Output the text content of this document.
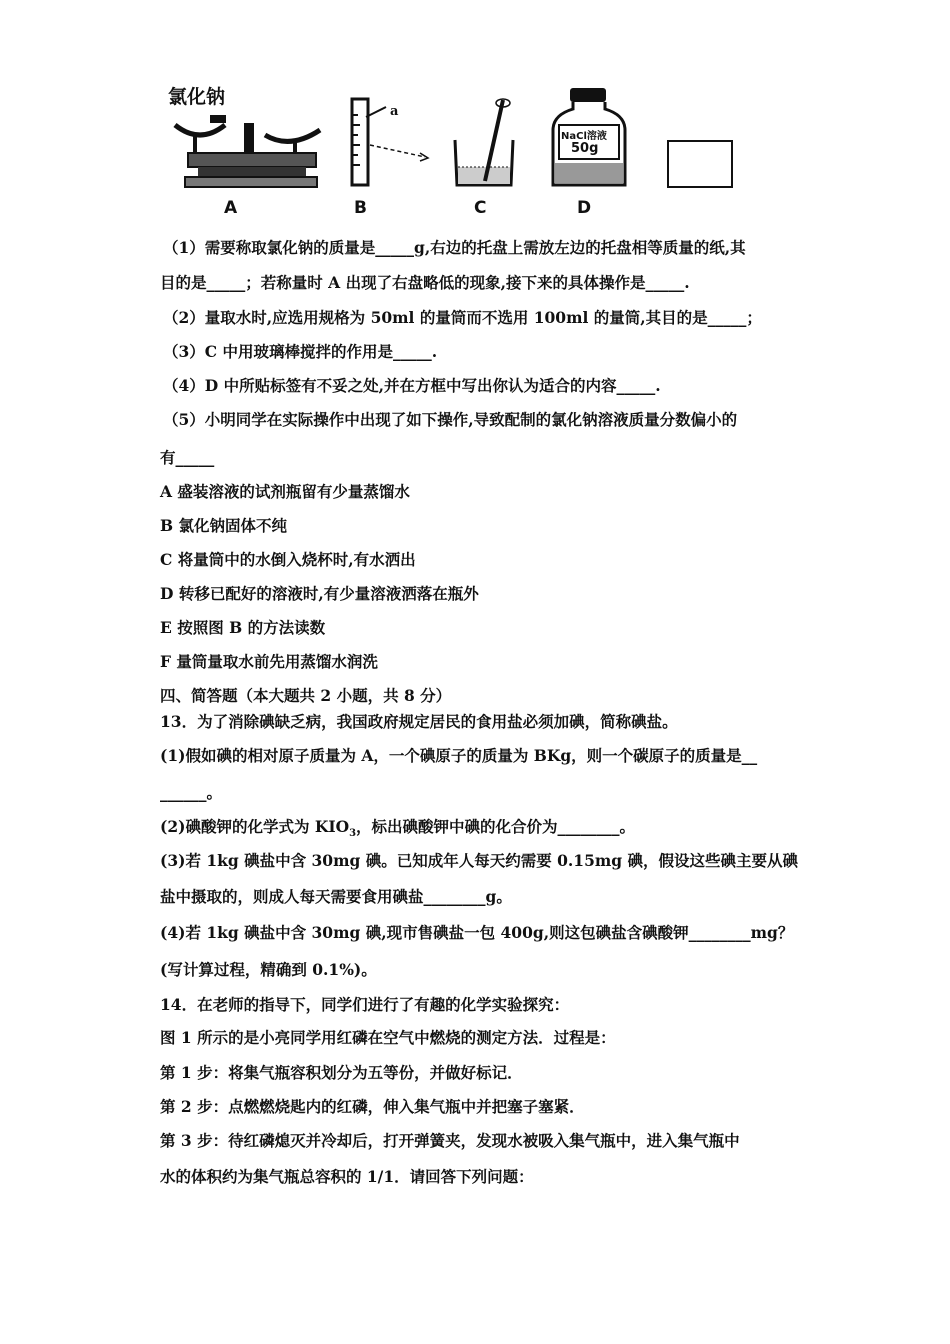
氯化钠
a
NaCl溶液
50g
A	B	C	D
（1）需要称取氯化钠的质量是_____g,右边的托盘上需放左边的托盘相等质量的纸,其
目的是_____；若称量时 A 出现了右盘略低的现象,接下来的具体操作是_____.
（2）量取水时,应选用规格为 50ml 的量筒而不选用 100ml 的量筒,其目的是_____；
（3）C 中用玻璃棒搅拌的作用是_____.
（4）D 中所贴标签有不妥之处,并在方框中写出你认为适合的内容_____.
（5）小明同学在实际操作中出现了如下操作,导致配制的氯化钠溶液质量分数偏小的
有_____
A 盛装溶液的试剂瓶留有少量蒸馏水
B 氯化钠固体不纯
C 将量筒中的水倒入烧杯时,有水洒出
D 转移已配好的溶液时,有少量溶液洒落在瓶外
E 按照图 B 的方法读数
F 量筒量取水前先用蒸馏水润洗
四、简答题（本大题共 2 小题，共 8 分）
13．为了消除碘缺乏病，我国政府规定居民的食用盐必须加碘，简称碘盐。
(1)假如碘的相对原子质量为 A，一个碘原子的质量为 BKg，则一个碳原子的质量是__
______。
(2)碘酸钾的化学式为 $KIO_3$，标出碘酸钾中碘的化合价为________。
(3)若 1kg 碘盐中含 30mg 碘。已知成年人每天约需要 0.15mg 碘，假设这些碘主要从碘
盐中摄取的，则成人每天需要食用碘盐________g。
(4)若 1kg 碘盐中含 30mg 碘,现市售碘盐一包 400g,则这包碘盐含碘酸钾________mg？
(写计算过程，精确到 0.1%)。
14．在老师的指导下，同学们进行了有趣的化学实验探究：
图 1 所示的是小亮同学用红磷在空气中燃烧的测定方法．过程是：
第 1 步：将集气瓶容积划分为五等份，并做好标记．
第 2 步：点燃燃烧匙内的红磷，伸入集气瓶中并把塞子塞紧．
第 3 步：待红磷熄灭并冷却后，打开弹簧夹，发现水被吸入集气瓶中，进入集气瓶中
水的体积约为集气瓶总容积的 1/1．请回答下列问题：
